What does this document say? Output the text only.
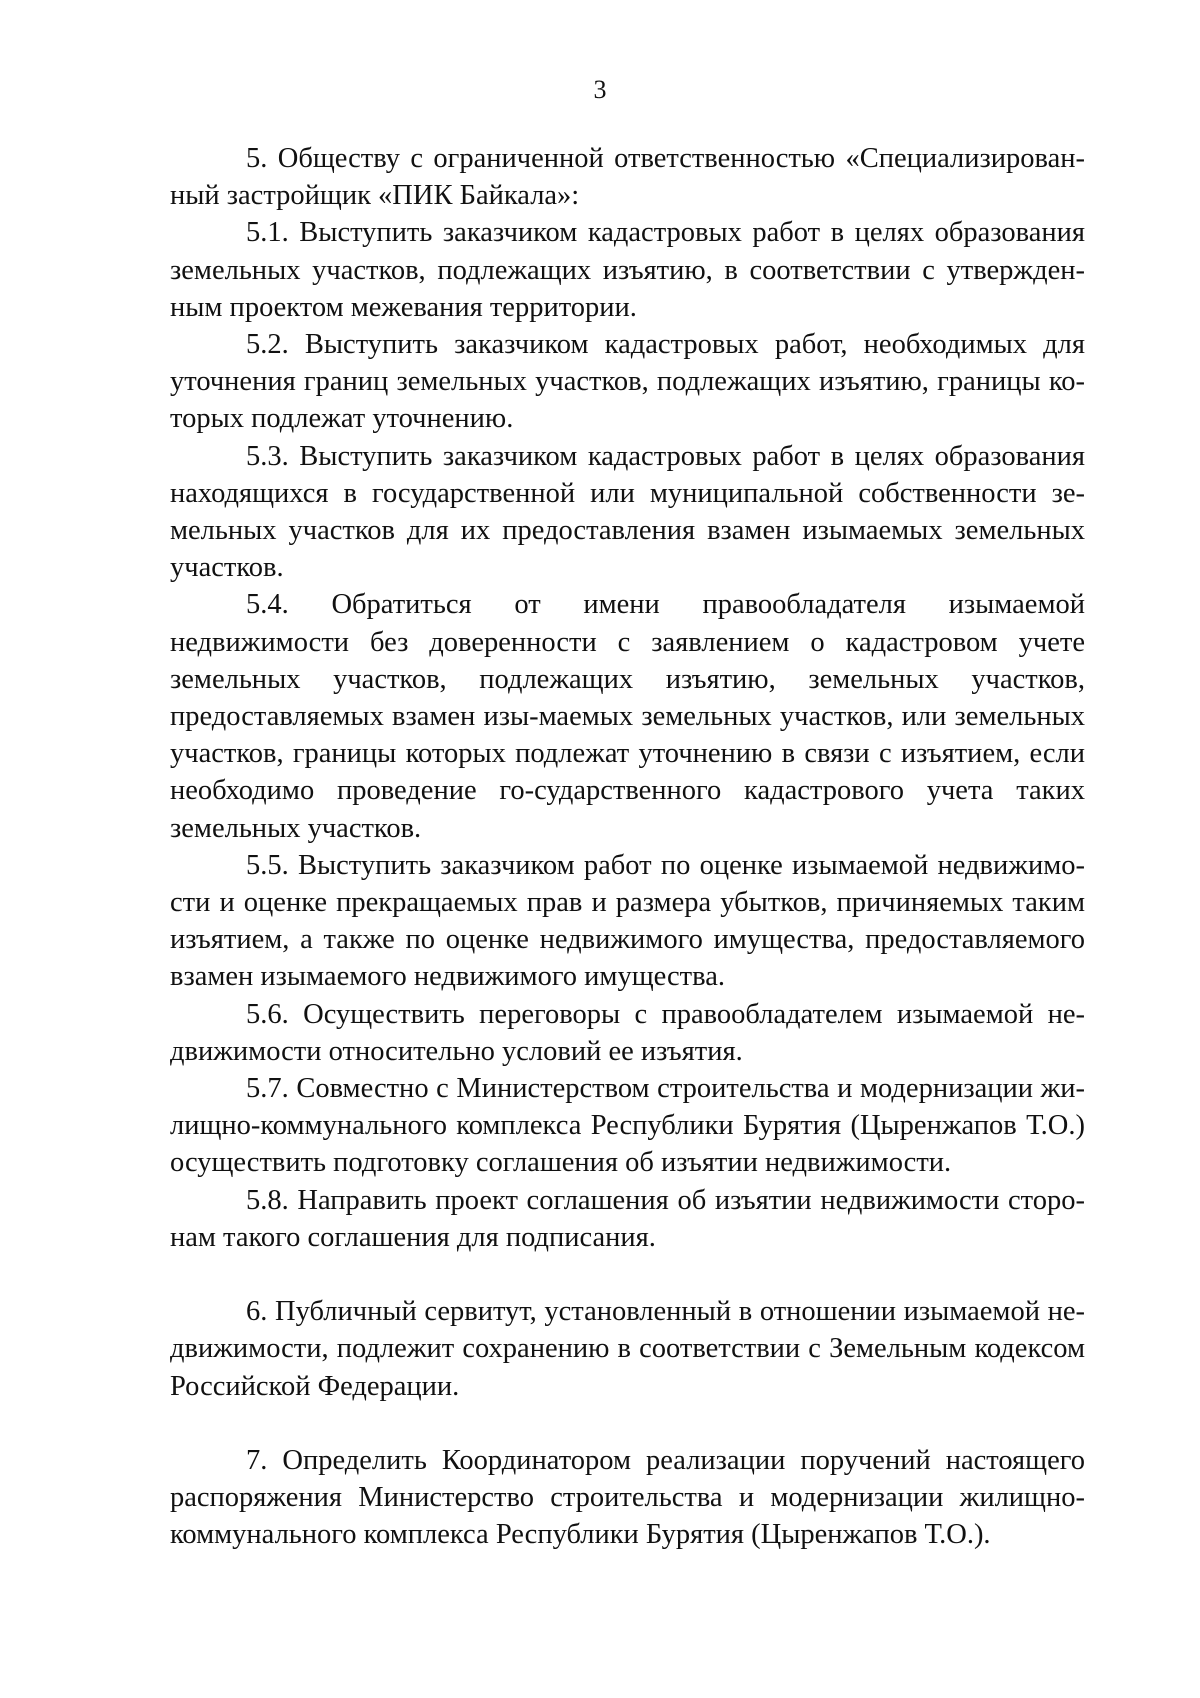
3

5. Обществу с ограниченной ответственностью «Специализирован-ный застройщик «ПИК Байкала»:

5.1. Выступить заказчиком кадастровых работ в целях образования земельных участков, подлежащих изъятию, в соответствии с утвержден-ным проектом межевания территории.

5.2. Выступить заказчиком кадастровых работ, необходимых для уточнения границ земельных участков, подлежащих изъятию, границы ко-торых подлежат уточнению.

5.3. Выступить заказчиком кадастровых работ в целях образования находящихся в государственной или муниципальной собственности зе-мельных участков для их предоставления взамен изымаемых земельных участков.

5.4. Обратиться от имени правообладателя изымаемой недвижимости без доверенности с заявлением о кадастровом учете земельных участков, подлежащих изъятию, земельных участков, предоставляемых взамен изы-маемых земельных участков, или земельных участков, границы которых подлежат уточнению в связи с изъятием, если необходимо проведение го-сударственного кадастрового учета таких земельных участков.

5.5. Выступить заказчиком работ по оценке изымаемой недвижимо-сти и оценке прекращаемых прав и размера убытков, причиняемых таким изъятием, а также по оценке недвижимого имущества, предоставляемого взамен изымаемого недвижимого имущества.

5.6. Осуществить переговоры с правообладателем изымаемой не-движимости относительно условий ее изъятия.

5.7. Совместно с Министерством строительства и модернизации жи-лищно-коммунального комплекса Республики Бурятия (Цыренжапов Т.О.) осуществить подготовку соглашения об изъятии недвижимости.

5.8. Направить проект соглашения об изъятии недвижимости сторо-нам такого соглашения для подписания.

6. Публичный сервитут, установленный в отношении изымаемой не-движимости, подлежит сохранению в соответствии с Земельным кодексом Российской Федерации.

7. Определить Координатором реализации поручений настоящего распоряжения Министерство строительства и модернизации жилищно-коммунального комплекса Республики Бурятия (Цыренжапов Т.О.).
